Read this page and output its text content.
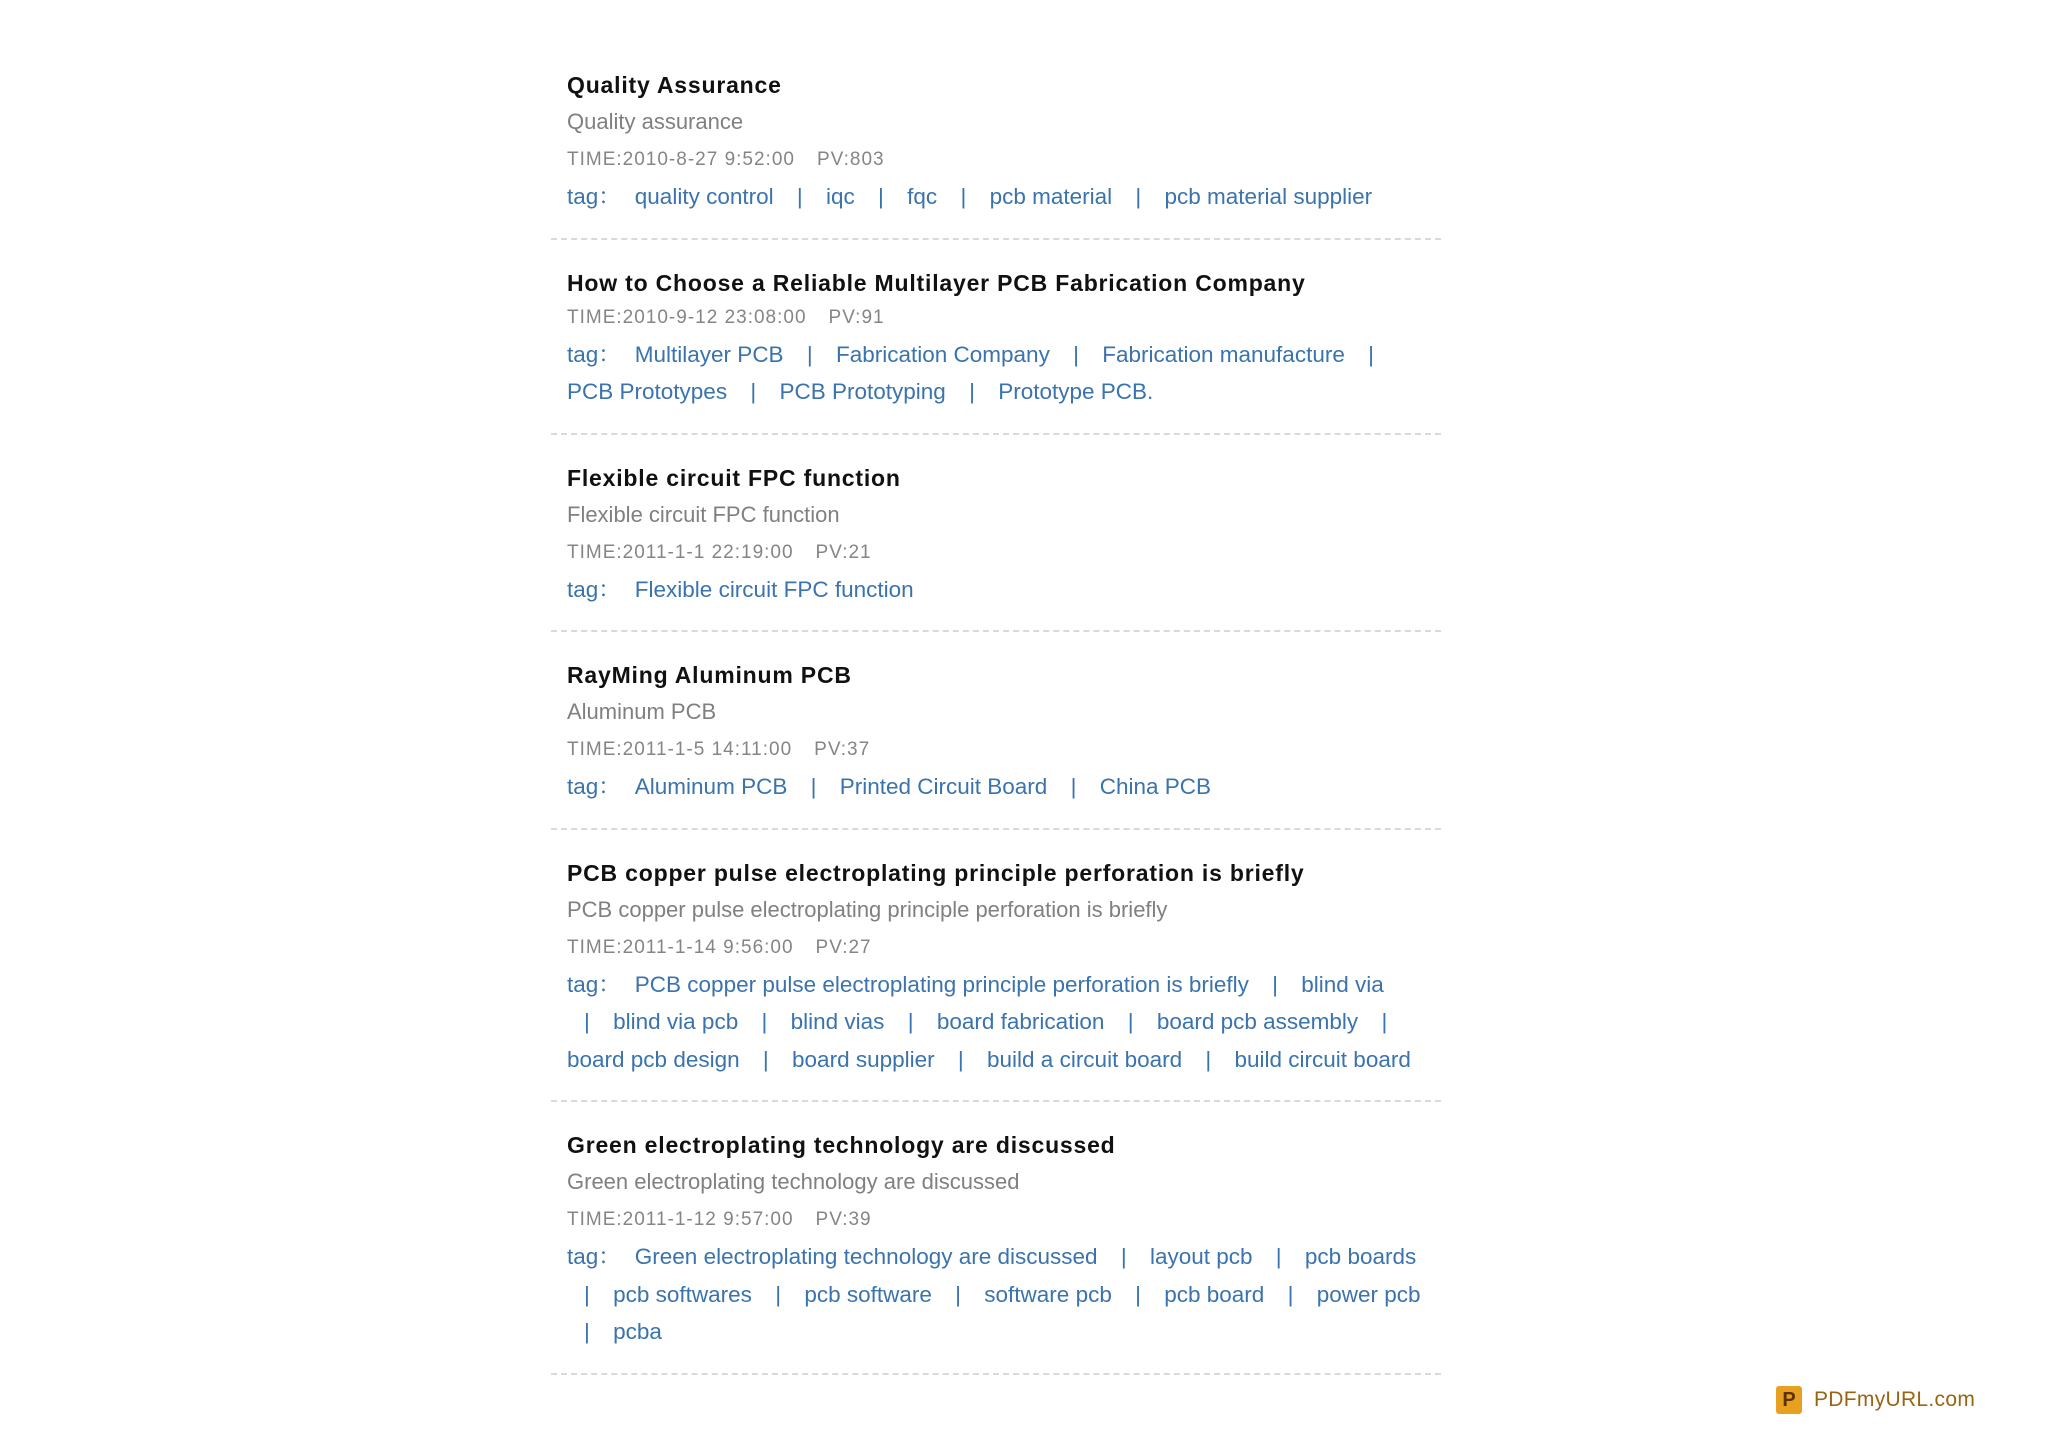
Quality Assurance
Quality assurance
TIME:2010-8-27 9:52:00 PV:803
tag： quality control | iqc | fqc | pcb material | pcb material supplier
How to Choose a Reliable Multilayer PCB Fabrication Company
TIME:2010-9-12 23:08:00 PV:91
tag： Multilayer PCB | Fabrication Company | Fabrication manufacture | PCB Prototypes | PCB Prototyping | Prototype PCB.
Flexible circuit FPC function
Flexible circuit FPC function
TIME:2011-1-1 22:19:00 PV:21
tag： Flexible circuit FPC function
RayMing Aluminum PCB
Aluminum PCB
TIME:2011-1-5 14:11:00 PV:37
tag： Aluminum PCB | Printed Circuit Board | China PCB
PCB copper pulse electroplating principle perforation is briefly
PCB copper pulse electroplating principle perforation is briefly
TIME:2011-1-14 9:56:00 PV:27
tag： PCB copper pulse electroplating principle perforation is briefly | blind via | blind via pcb | blind vias | board fabrication | board pcb assembly | board pcb design | board supplier | build a circuit board | build circuit board
Green electroplating technology are discussed
Green electroplating technology are discussed
TIME:2011-1-12 9:57:00 PV:39
tag： Green electroplating technology are discussed | layout pcb | pcb boards | pcb softwares | pcb software | software pcb | pcb board | power pcb | pcba
P PDFmyURL.com
